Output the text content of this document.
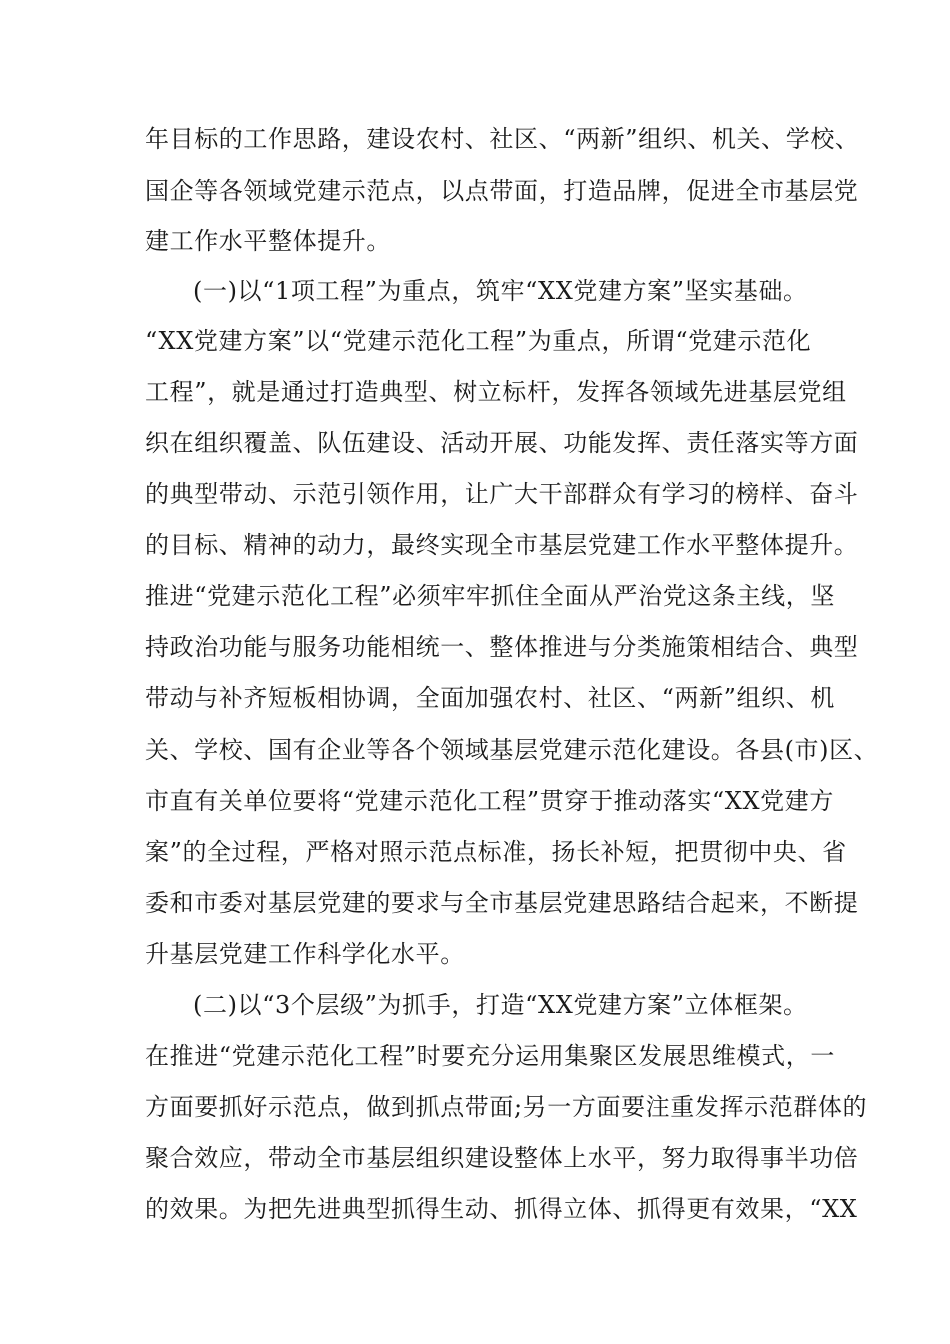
年目标的工作思路，建设农村、社区、“两新”组织、机关、学校、
国企等各领域党建示范点，以点带面，打造品牌，促进全市基层党
建工作水平整体提升。
(一)以“1项工程”为重点，筑牢“XX党建方案”坚实基础。
“XX党建方案”以“党建示范化工程”为重点，所谓“党建示范化
工程”，就是通过打造典型、树立标杆，发挥各领域先进基层党组
织在组织覆盖、队伍建设、活动开展、功能发挥、责任落实等方面
的典型带动、示范引领作用，让广大干部群众有学习的榜样、奋斗
的目标、精神的动力，最终实现全市基层党建工作水平整体提升。
推进“党建示范化工程”必须牢牢抓住全面从严治党这条主线，坚
持政治功能与服务功能相统一、整体推进与分类施策相结合、典型
带动与补齐短板相协调，全面加强农村、社区、“两新”组织、机
关、学校、国有企业等各个领域基层党建示范化建设。各县(市)区、
市直有关单位要将“党建示范化工程”贯穿于推动落实“XX党建方
案”的全过程，严格对照示范点标准，扬长补短，把贯彻中央、省
委和市委对基层党建的要求与全市基层党建思路结合起来，不断提
升基层党建工作科学化水平。
(二)以“3个层级”为抓手，打造“XX党建方案”立体框架。
在推进“党建示范化工程”时要充分运用集聚区发展思维模式，一
方面要抓好示范点，做到抓点带面;另一方面要注重发挥示范群体的
聚合效应，带动全市基层组织建设整体上水平，努力取得事半功倍
的效果。为把先进典型抓得生动、抓得立体、抓得更有效果，“XX
